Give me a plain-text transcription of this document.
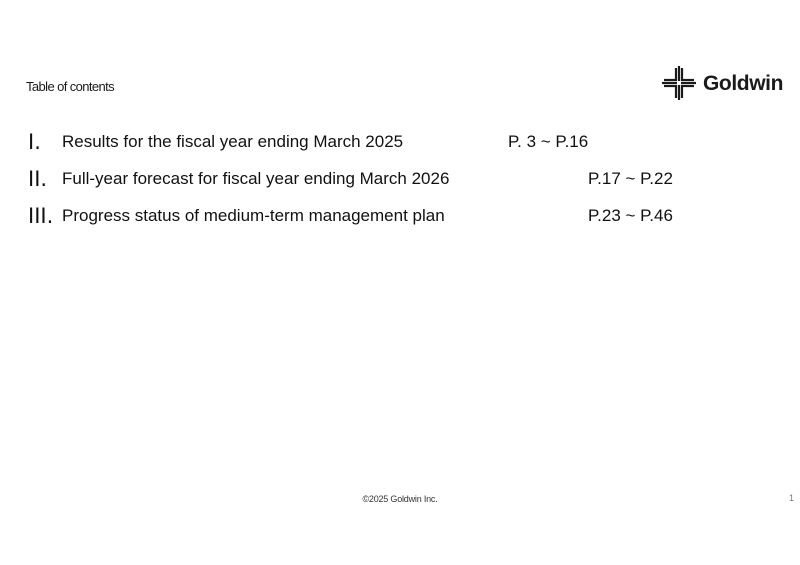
Table of contents	Goldwin
I. Results for the fiscal year ending March 2025	P. 3 ~ P.16
II. Full-year forecast for fiscal year ending March 2026	P.17 ~ P.22
III. Progress status of medium-term management plan	P.23 ~ P.46
©2025 Goldwin Inc.	1
